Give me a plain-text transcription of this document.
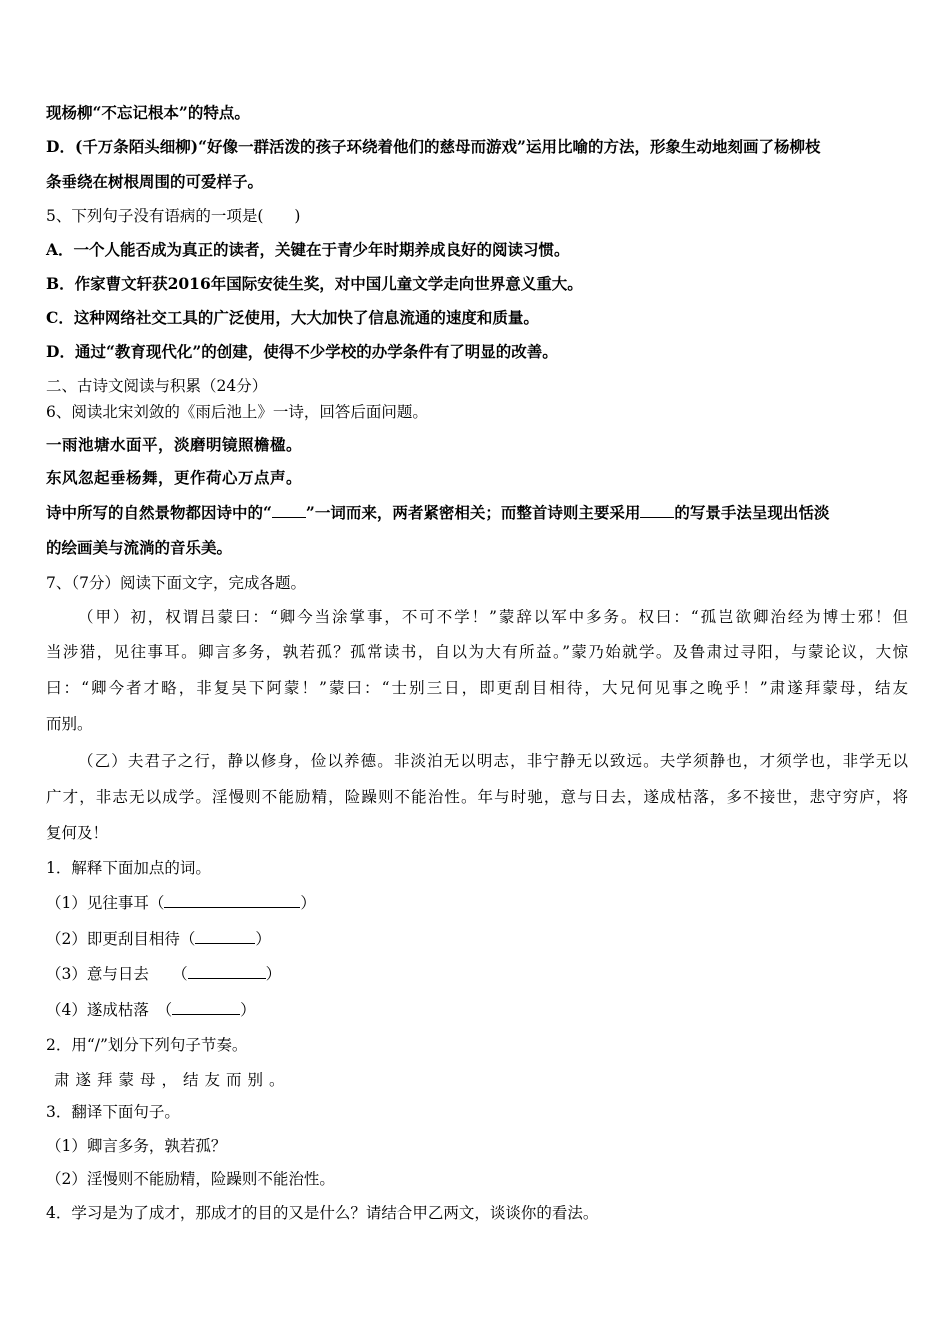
现杨柳“不忘记根本”的特点。
D．(千万条陌头细柳)“好像一群活泼的孩子环绕着他们的慈母而游戏”运用比喻的方法，形象生动地刻画了杨柳枝
条垂绕在树根周围的可爱样子。
5、下列句子没有语病的一项是(　　)
A．一个人能否成为真正的读者，关键在于青少年时期养成良好的阅读习惯。
B．作家曹文轩获2016年国际安徒生奖，对中国儿童文学走向世界意义重大。
C．这种网络社交工具的广泛使用，大大加快了信息流通的速度和质量。
D．通过“教育现代化”的创建，使得不少学校的办学条件有了明显的改善。
二、古诗文阅读与积累（24分）
6、阅读北宋刘敛的《雨后池上》一诗，回答后面问题。
一雨池塘水面平，淡磨明镜照檐楹。
东风忽起垂杨舞，更作荷心万点声。
诗中所写的自然景物都因诗中的“ ”一词而来，两者紧密相关；而整首诗则主要采用 的写景手法呈现出恬淡
的绘画美与流淌的音乐美。
7、（7分）阅读下面文字，完成各题。
（甲）初，权谓吕蒙曰：“卿今当涂掌事，不可不学！”蒙辞以军中多务。权曰：“孤岂欲卿治经为博士邪！但
当涉猎，见往事耳。卿言多务，孰若孤？孤常读书，自以为大有所益。”蒙乃始就学。及鲁肃过寻阳，与蒙论议，大惊
曰：“卿今者才略，非复吴下阿蒙！”蒙曰：“士别三日，即更刮目相待，大兄何见事之晚乎！”肃遂拜蒙母，结友
而别。
（乙）夫君子之行，静以修身，俭以养德。非淡泊无以明志，非宁静无以致远。夫学须静也，才须学也，非学无以
广才，非志无以成学。淫慢则不能励精，险躁则不能治性。年与时驰，意与日去，遂成枯落，多不接世，悲守穷庐，将
复何及！
1．解释下面加点的词。
（1）见往事耳（	）
（2）即更刮目相待（	）
（3）意与日去　　（	）
（4）遂成枯落　（	）
2．用“/”划分下列句子节奏。
肃遂拜蒙母，结友而别。
3．翻译下面句子。
（1）卿言多务，孰若孤？
（2）淫慢则不能励精，险躁则不能治性。
4．学习是为了成才，那成才的目的又是什么？请结合甲乙两文，谈谈你的看法。
